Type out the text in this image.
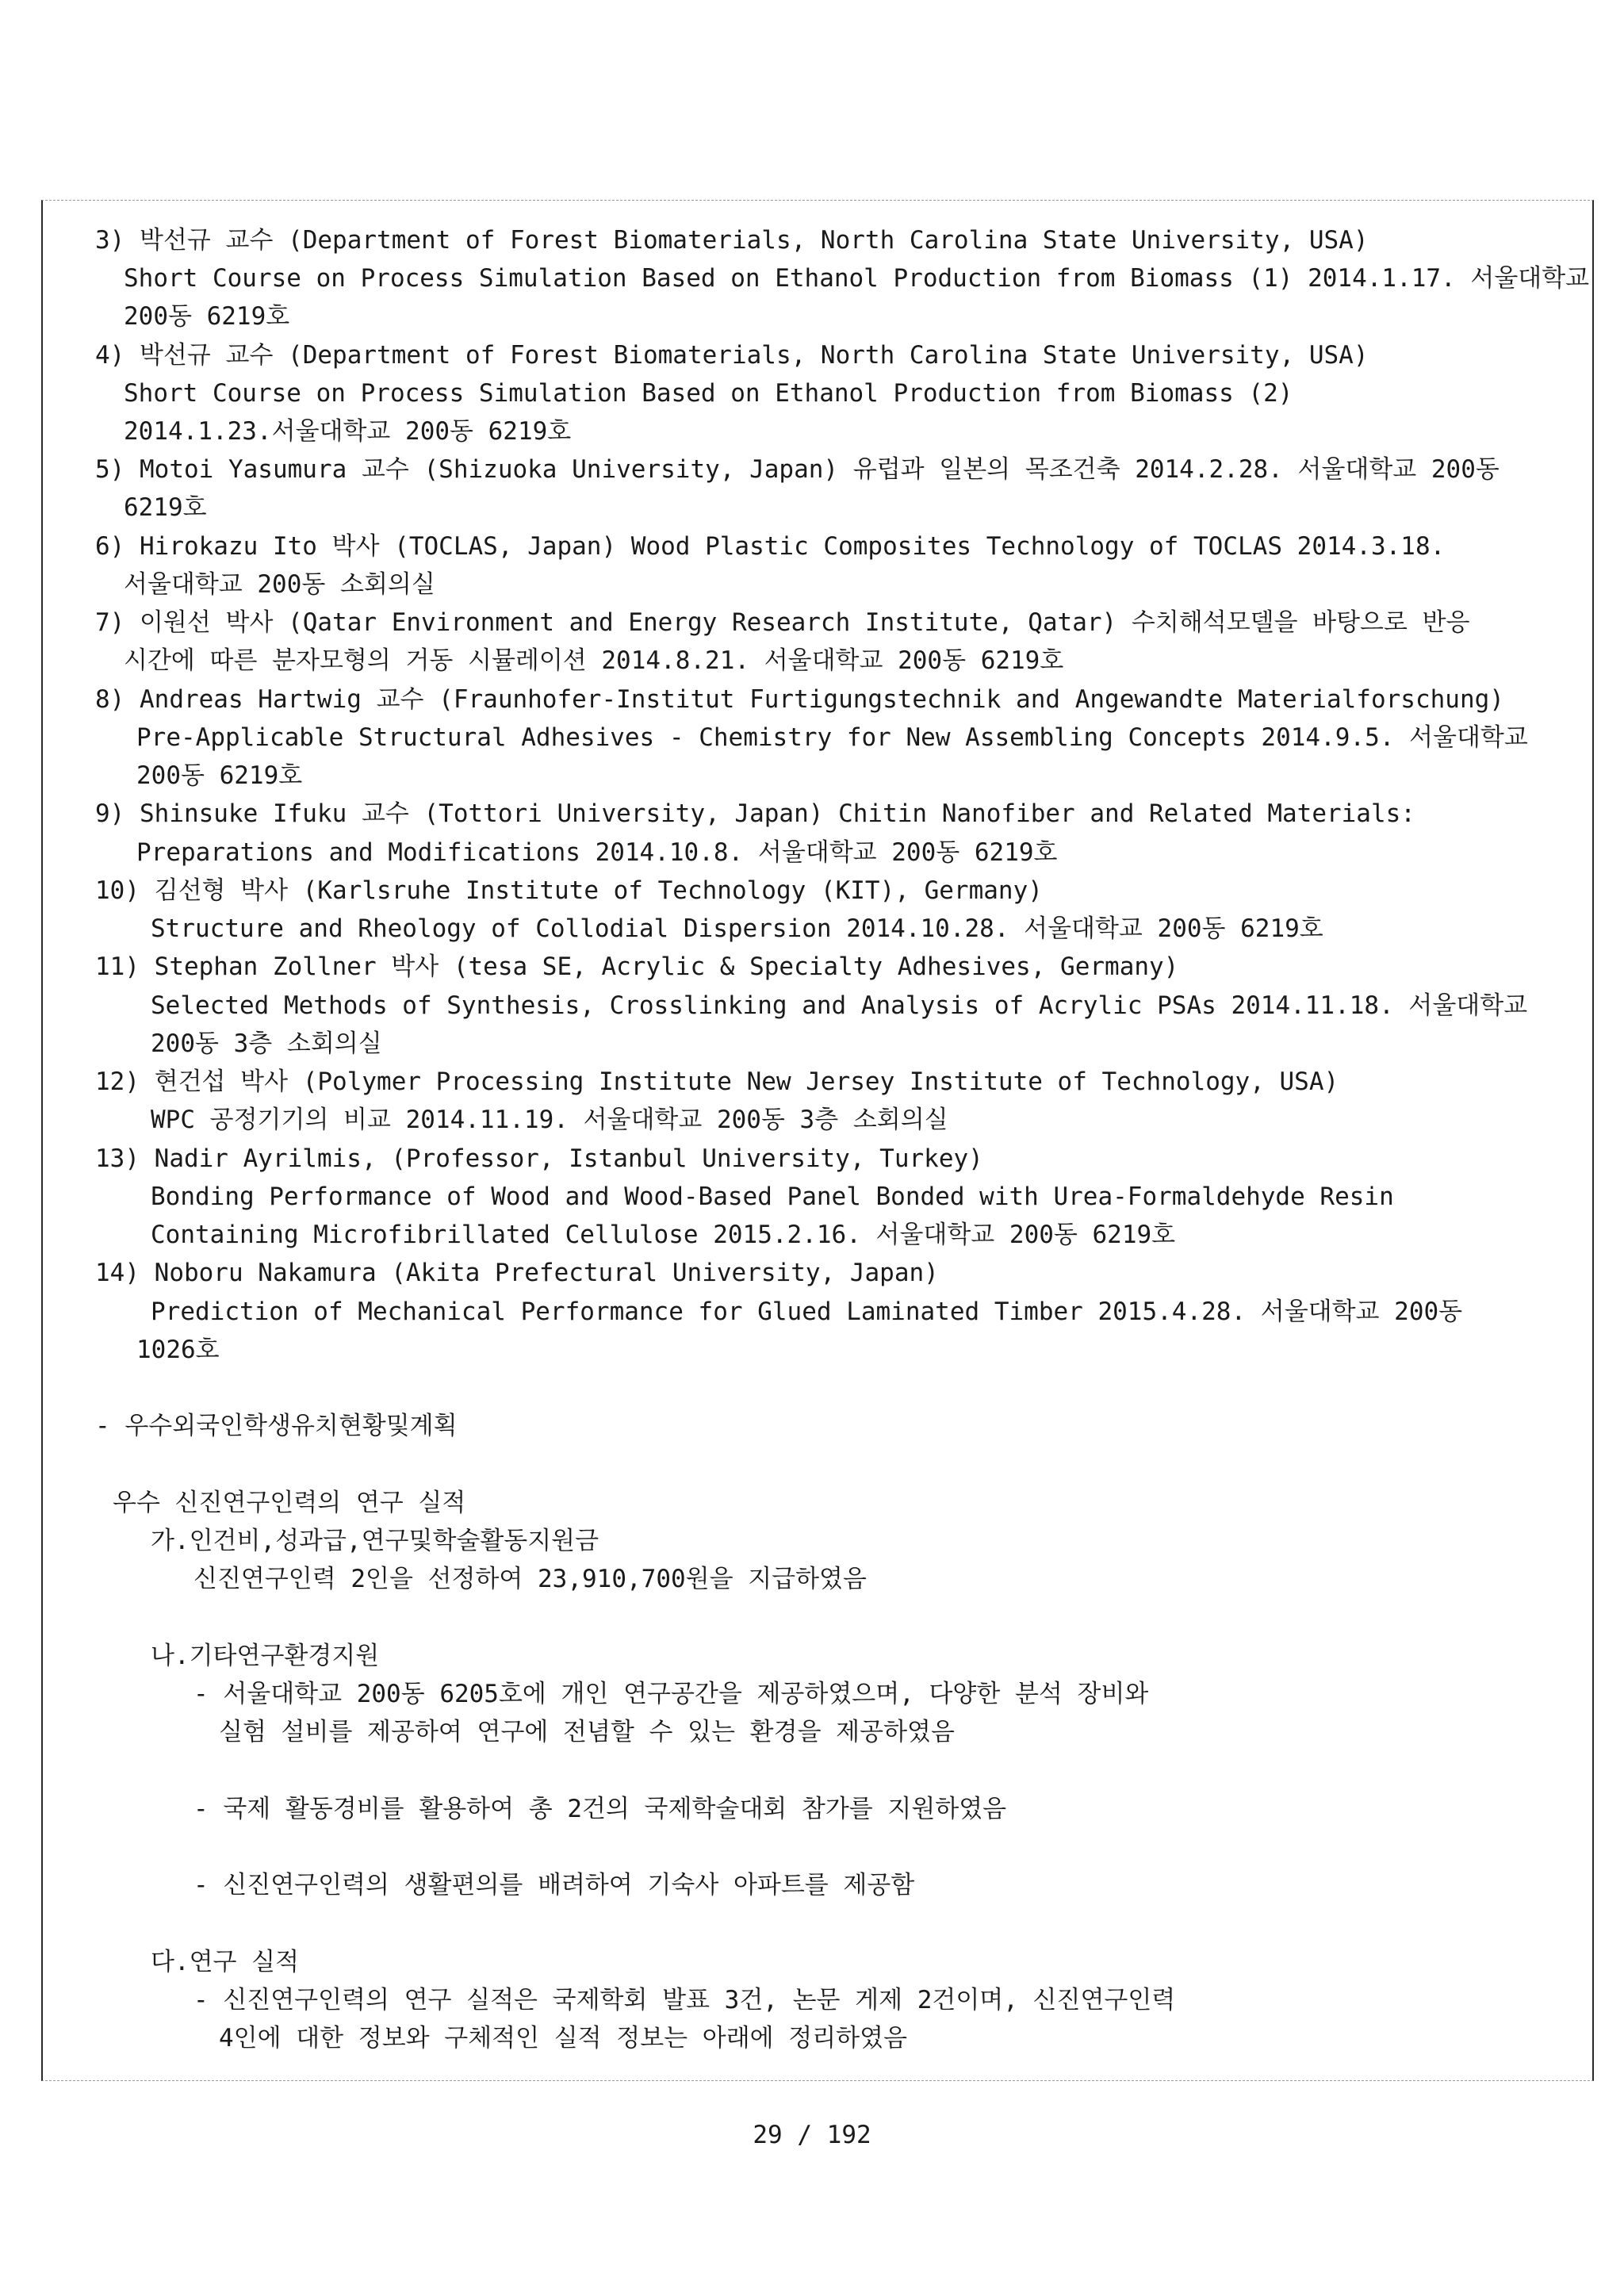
3) 박선규 교수 (Department of Forest Biomaterials, North Carolina State University, USA)
Short Course on Process Simulation Based on Ethanol Production from Biomass (1) 2014.1.17. 서울대학교
200동 6219호
4) 박선규 교수 (Department of Forest Biomaterials, North Carolina State University, USA)
Short Course on Process Simulation Based on Ethanol Production from Biomass (2)
2014.1.23.서울대학교 200동 6219호
5) Motoi Yasumura 교수 (Shizuoka University, Japan) 유럽과 일본의 목조건축 2014.2.28. 서울대학교 200동
6219호
6) Hirokazu Ito 박사 (TOCLAS, Japan) Wood Plastic Composites Technology of TOCLAS 2014.3.18.
서울대학교 200동 소회의실
7) 이원선 박사 (Qatar Environment and Energy Research Institute, Qatar) 수치해석모델을 바탕으로 반응
시간에 따른 분자모형의 거동 시뮬레이션 2014.8.21. 서울대학교 200동 6219호
8) Andreas Hartwig 교수 (Fraunhofer-Institut Furtigungstechnik and Angewandte Materialforschung)
Pre-Applicable Structural Adhesives - Chemistry for New Assembling Concepts 2014.9.5. 서울대학교
200동 6219호
9) Shinsuke Ifuku 교수 (Tottori University, Japan) Chitin Nanofiber and Related Materials:
Preparations and Modifications 2014.10.8. 서울대학교 200동 6219호
10) 김선형 박사 (Karlsruhe Institute of Technology (KIT), Germany)
Structure and Rheology of Collodial Dispersion 2014.10.28. 서울대학교 200동 6219호
11) Stephan Zollner 박사 (tesa SE, Acrylic & Specialty Adhesives, Germany)
Selected Methods of Synthesis, Crosslinking and Analysis of Acrylic PSAs 2014.11.18. 서울대학교
200동 3층 소회의실
12) 현건섭 박사 (Polymer Processing Institute New Jersey Institute of Technology, USA)
WPC 공정기기의 비교 2014.11.19. 서울대학교 200동 3층 소회의실
13) Nadir Ayrilmis, (Professor, Istanbul University, Turkey)
Bonding Performance of Wood and Wood-Based Panel Bonded with Urea-Formaldehyde Resin
Containing Microfibrillated Cellulose 2015.2.16. 서울대학교 200동 6219호
14) Noboru Nakamura (Akita Prefectural University, Japan)
Prediction of Mechanical Performance for Glued Laminated Timber 2015.4.28. 서울대학교 200동
1026호
- 우수외국인학생유치현황및계획
우수 신진연구인력의 연구 실적
가.인건비,성과급,연구및학술활동지원금
신진연구인력 2인을 선정하여 23,910,700원을 지급하였음
나.기타연구환경지원
- 서울대학교 200동 6205호에 개인 연구공간을 제공하였으며, 다양한 분석 장비와
실험 설비를 제공하여 연구에 전념할 수 있는 환경을 제공하였음
- 국제 활동경비를 활용하여 총 2건의 국제학술대회 참가를 지원하였음
- 신진연구인력의 생활편의를 배려하여 기숙사 아파트를 제공함
다.연구 실적
- 신진연구인력의 연구 실적은 국제학회 발표 3건, 논문 게제 2건이며, 신진연구인력
4인에 대한 정보와 구체적인 실적 정보는 아래에 정리하였음
29 / 192
